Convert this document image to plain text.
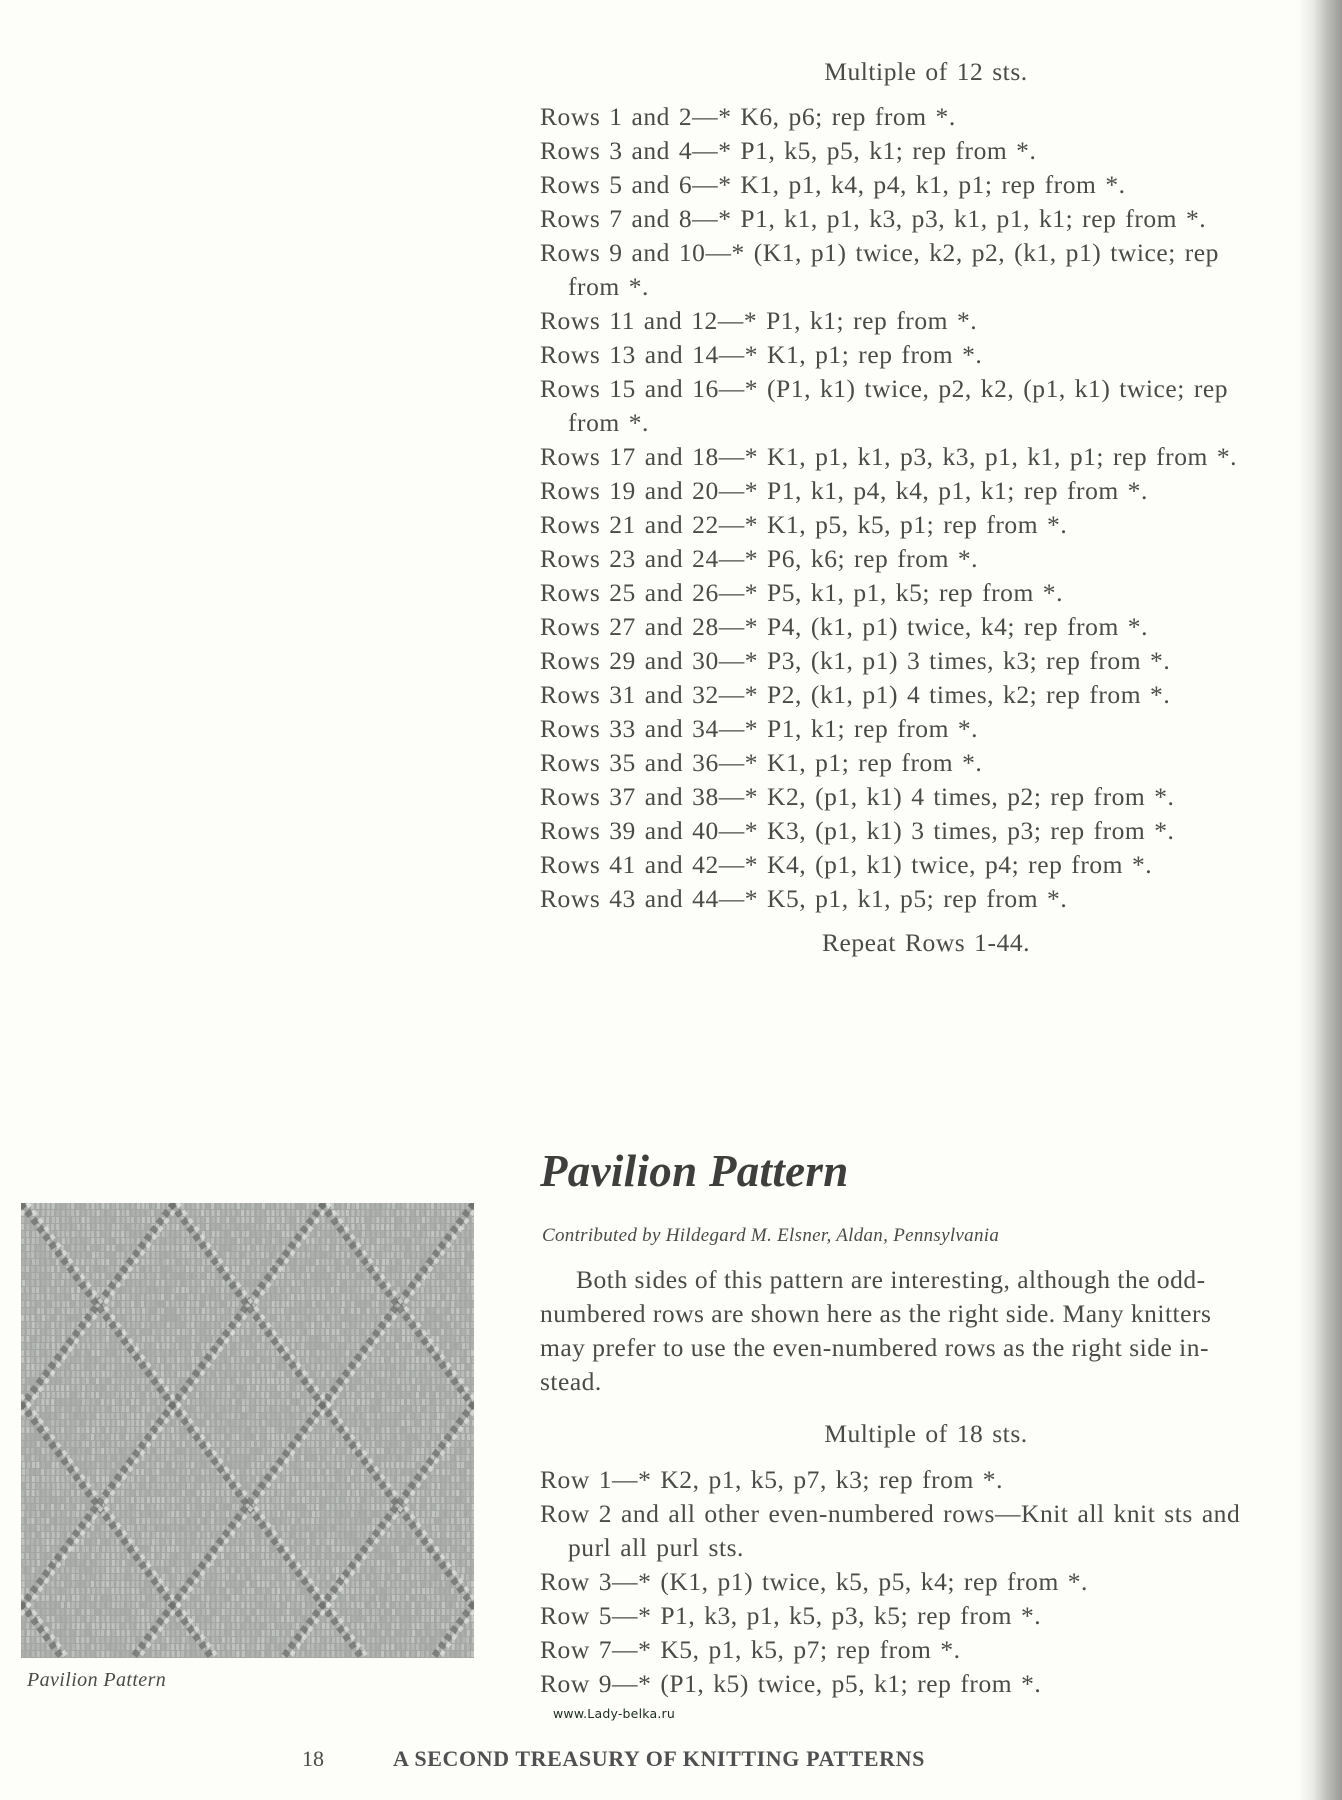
Multiple of 12 sts.
Rows 1 and 2—* K6, p6; rep from *.
Rows 3 and 4—* P1, k5, p5, k1; rep from *.
Rows 5 and 6—* K1, p1, k4, p4, k1, p1; rep from *.
Rows 7 and 8—* P1, k1, p1, k3, p3, k1, p1, k1; rep from *.
Rows 9 and 10—* (K1, p1) twice, k2, p2, (k1, p1) twice; rep
from *.
Rows 11 and 12—* P1, k1; rep from *.
Rows 13 and 14—* K1, p1; rep from *.
Rows 15 and 16—* (P1, k1) twice, p2, k2, (p1, k1) twice; rep
from *.
Rows 17 and 18—* K1, p1, k1, p3, k3, p1, k1, p1; rep from *.
Rows 19 and 20—* P1, k1, p4, k4, p1, k1; rep from *.
Rows 21 and 22—* K1, p5, k5, p1; rep from *.
Rows 23 and 24—* P6, k6; rep from *.
Rows 25 and 26—* P5, k1, p1, k5; rep from *.
Rows 27 and 28—* P4, (k1, p1) twice, k4; rep from *.
Rows 29 and 30—* P3, (k1, p1) 3 times, k3; rep from *.
Rows 31 and 32—* P2, (k1, p1) 4 times, k2; rep from *.
Rows 33 and 34—* P1, k1; rep from *.
Rows 35 and 36—* K1, p1; rep from *.
Rows 37 and 38—* K2, (p1, k1) 4 times, p2; rep from *.
Rows 39 and 40—* K3, (p1, k1) 3 times, p3; rep from *.
Rows 41 and 42—* K4, (p1, k1) twice, p4; rep from *.
Rows 43 and 44—* K5, p1, k1, p5; rep from *.
Repeat Rows 1-44.
Pavilion Pattern
Contributed by Hildegard M. Elsner, Aldan, Pennsylvania
Both sides of this pattern are interesting, although the odd-
numbered rows are shown here as the right side. Many knitters
may prefer to use the even-numbered rows as the right side in-
stead.
Multiple of 18 sts.
Row 1—* K2, p1, k5, p7, k3; rep from *.
Row 2 and all other even-numbered rows—Knit all knit sts and
purl all purl sts.
Row 3—* (K1, p1) twice, k5, p5, k4; rep from *.
Row 5—* P1, k3, p1, k5, p3, k5; rep from *.
Row 7—* K5, p1, k5, p7; rep from *.
Row 9—* (P1, k5) twice, p5, k1; rep from *.
Pavilion Pattern
www.Lady-belka.ru
18	A SECOND TREASURY OF KNITTING PATTERNS
